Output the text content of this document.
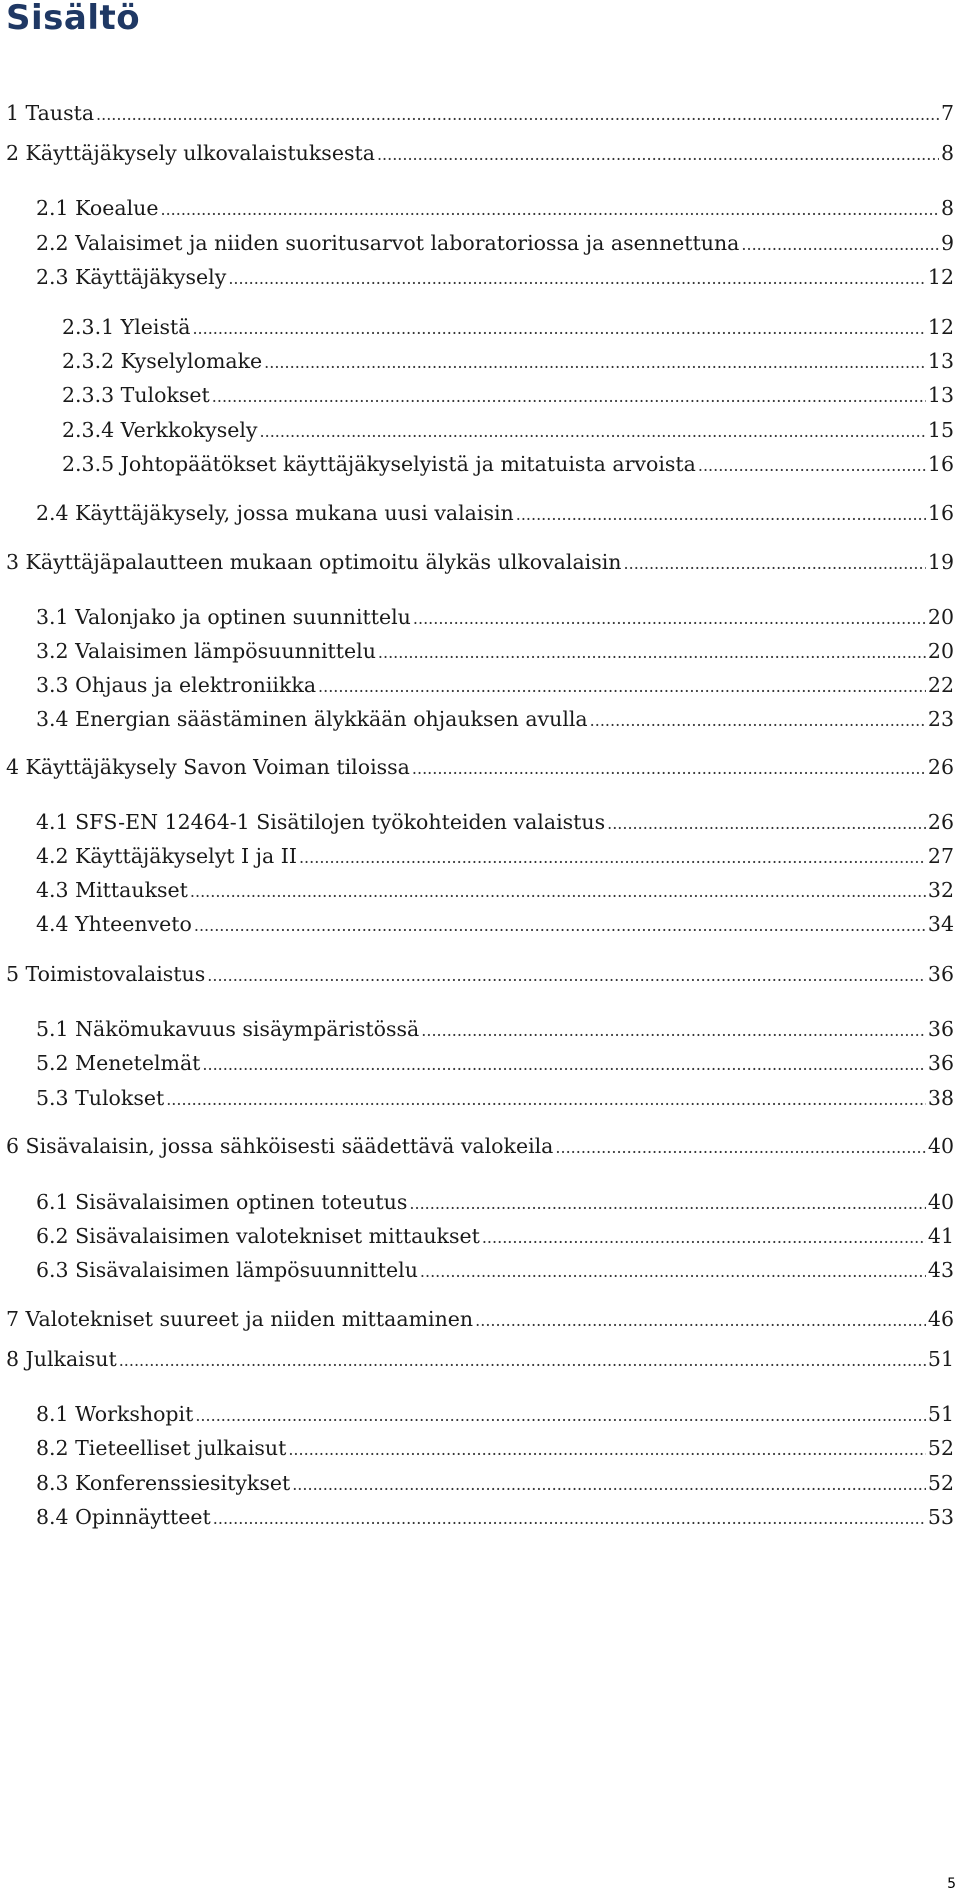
Sisältö
1 Tausta .....	7
2 Käyttäjäkysely ulkovalaistuksesta .....	8
2.1 Koealue .....	8
2.2 Valaisimet ja niiden suoritusarvot laboratoriossa ja asennettuna .....	9
2.3 Käyttäjäkysely .....	12
2.3.1 Yleistä .....	12
2.3.2 Kyselylomake .....	13
2.3.3 Tulokset .....	13
2.3.4 Verkkokysely .....	15
2.3.5 Johtopäätökset käyttäjäkyselyistä ja mitatuista arvoista .....	16
2.4 Käyttäjäkysely, jossa mukana uusi valaisin .....	16
3 Käyttäjäpalautteen mukaan optimoitu älykäs ulkovalaisin .....	19
3.1 Valonjako ja optinen suunnittelu .....	20
3.2 Valaisimen lämpösuunnittelu .....	20
3.3 Ohjaus ja elektroniikka .....	22
3.4 Energian säästäminen älykkään ohjauksen avulla .....	23
4 Käyttäjäkysely Savon Voiman tiloissa .....	26
4.1 SFS-EN 12464-1 Sisätilojen työkohteiden valaistus .....	26
4.2 Käyttäjäkyselyt I ja II .....	27
4.3 Mittaukset .....	32
4.4 Yhteenveto .....	34
5 Toimistovalaistus .....	36
5.1 Näkömukavuus sisäympäristössä .....	36
5.2 Menetelmät .....	36
5.3 Tulokset .....	38
6 Sisävalaisin, jossa sähköisesti säädettävä valokeila .....	40
6.1 Sisävalaisimen optinen toteutus .....	40
6.2 Sisävalaisimen valotekniset mittaukset .....	41
6.3 Sisävalaisimen lämpösuunnittelu .....	43
7 Valotekniset suureet ja niiden mittaaminen .....	46
8 Julkaisut .....	51
8.1 Workshopit .....	51
8.2 Tieteelliset julkaisut .....	52
8.3 Konferenssiesitykset .....	52
8.4 Opinnäytteet .....	53
5
